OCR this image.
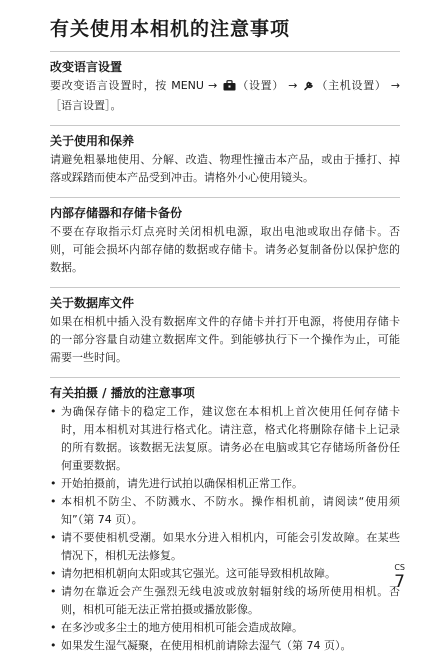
有关使用本相机的注意事项
改变语言设置

要改变语言设置时，按 MENU → （设置） → （主机设置） → ［语言设置］。

关于使用和保养

请避免粗暴地使用、分解、改造、物理性撞击本产品，或由于捶打、掉落或踩踏而使本产品受到冲击。请格外小心使用镜头。

内部存储器和存储卡备份

不要在存取指示灯点亮时关闭相机电源，取出电池或取出存储卡。否则，可能会损坏内部存储的数据或存储卡。请务必复制备份以保护您的数据。

关于数据库文件

如果在相机中插入没有数据库文件的存储卡并打开电源，将使用存储卡的一部分容量自动建立数据库文件。到能够执行下一个操作为止，可能需要一些时间。

有关拍摄 / 播放的注意事项
• 为确保存储卡的稳定工作，建议您在本相机上首次使用任何存储卡时，用本相机对其进行格式化。请注意，格式化将删除存储卡上记录的所有数据。该数据无法复原。请务必在电脑或其它存储场所备份任何重要数据。
• 开始拍摄前，请先进行试拍以确保相机正常工作。
• 本相机不防尘、不防溅水、不防水。操作相机前，请阅读“使用须知”（第 74 页）。
• 请不要使相机受潮。如果水分进入相机内，可能会引发故障。在某些情况下，相机无法修复。
• 请勿把相机朝向太阳或其它强光。这可能导致相机故障。
• 请勿在靠近会产生强烈无线电波或放射辐射线的场所使用相机。否则，相机可能无法正常拍摄或播放影像。
• 在多沙或多尘土的地方使用相机可能会造成故障。
• 如果发生湿气凝聚，在使用相机前请除去湿气（第 74 页）。
CS
7
